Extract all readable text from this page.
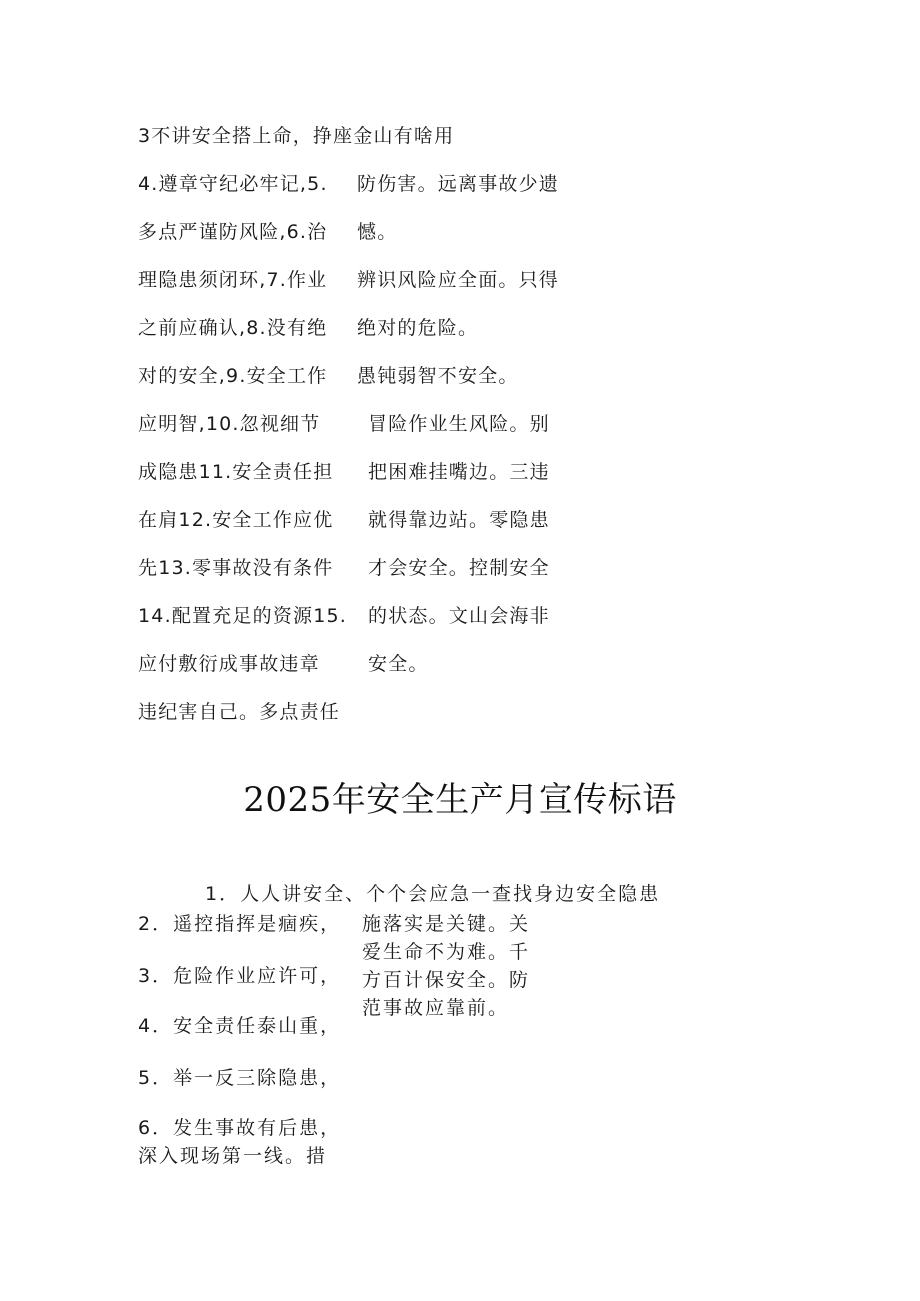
3不讲安全搭上命，挣座金山有啥用
4.遵章守纪必牢记,5.
多点严谨防风险,6.治
理隐患须闭环,7.作业
之前应确认,8.没有绝
对的安全,9.安全工作
应明智,10.忽视细节
成隐患11.安全责任担
在肩12.安全工作应优
先13.零事故没有条件
14.配置充足的资源15.
应付敷衍成事故违章
违纪害自己。多点责任
防伤害。远离事故少遗
憾。
辨识风险应全面。只得
绝对的危险。
愚钝弱智不安全。
冒险作业生风险。别
把困难挂嘴边。三违
就得靠边站。零隐患
才会安全。控制安全
的状态。文山会海非
安全。
2025年安全生产月宣传标语
1．人人讲安全、个个会应急一查找身边安全隐患
2．遥控指挥是痼疾，
3．危险作业应许可，
4．安全责任泰山重，
5．举一反三除隐患，
6．发生事故有后患，
深入现场第一线。措
施落实是关键。关
爱生命不为难。千
方百计保安全。防
范事故应靠前。
